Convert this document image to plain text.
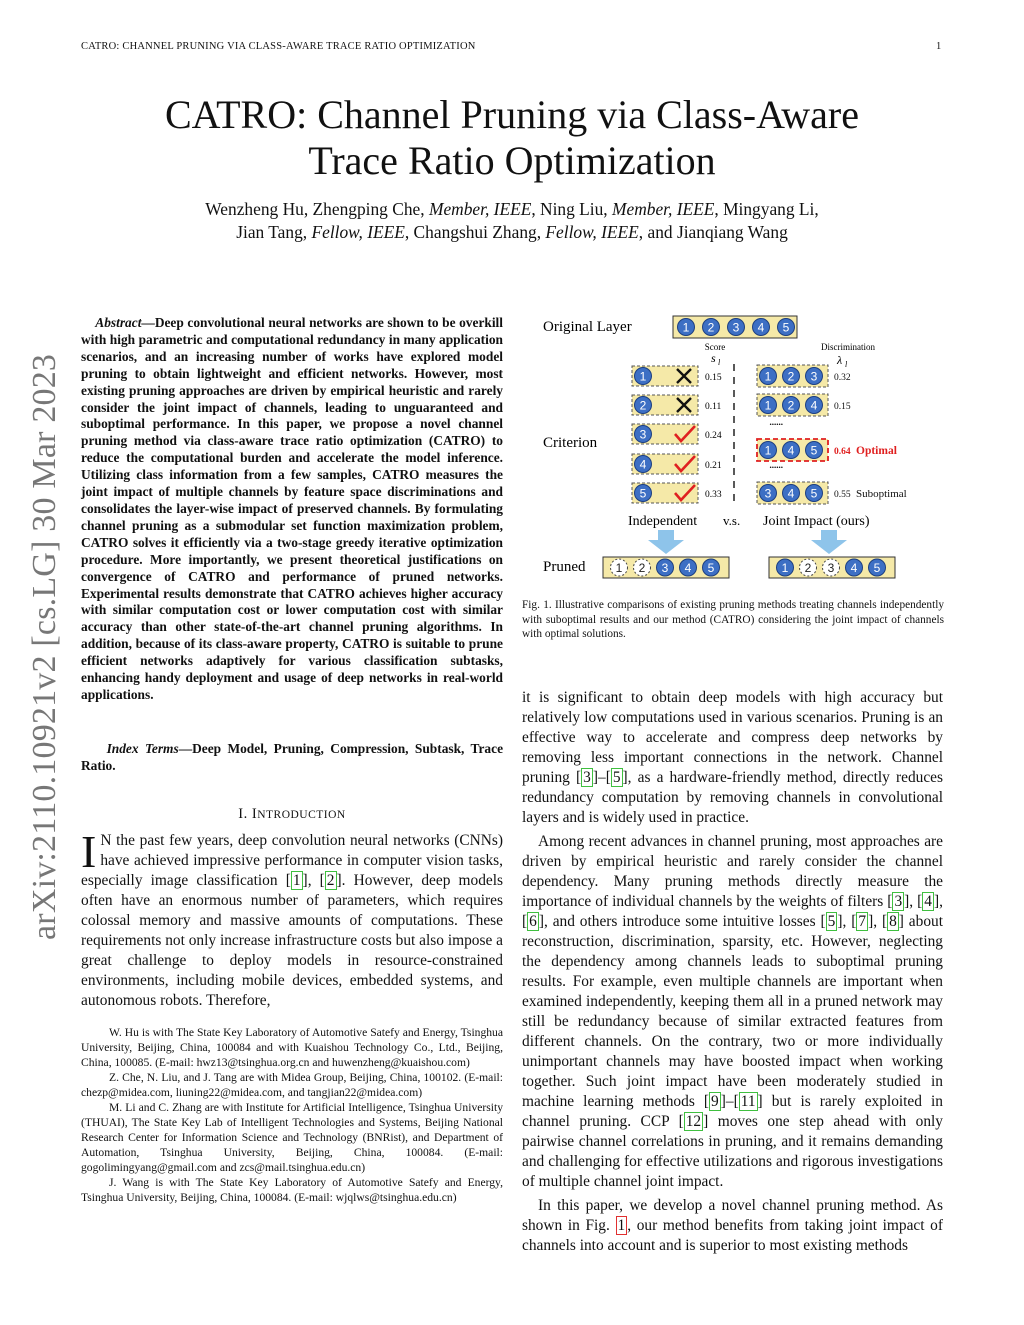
CATRO: CHANNEL PRUNING VIA CLASS-AWARE TRACE RATIO OPTIMIZATION	1
arXiv:2110.10921v2 [cs.LG] 30 Mar 2023
CATRO: Channel Pruning via Class-Aware
Trace Ratio Optimization
Wenzheng Hu, Zhengping Che, Member, IEEE, Ning Liu, Member, IEEE, Mingyang Li,
Jian Tang, Fellow, IEEE, Changshui Zhang, Fellow, IEEE, and Jianqiang Wang
Abstract—Deep convolutional neural networks are shown to be overkill with high parametric and computational redundancy in many application scenarios, and an increasing number of works have explored model pruning to obtain lightweight and efficient networks. However, most existing pruning approaches are driven by empirical heuristic and rarely consider the joint impact of channels, leading to unguaranteed and suboptimal performance. In this paper, we propose a novel channel pruning method via class-aware trace ratio optimization (CATRO) to reduce the computational burden and accelerate the model inference. Utilizing class information from a few samples, CATRO measures the joint impact of multiple channels by feature space discriminations and consolidates the layer-wise impact of preserved channels. By formulating channel pruning as a submodular set function maximization problem, CATRO solves it efficiently via a two-stage greedy iterative optimization procedure. More importantly, we present theoretical justifications on convergence of CATRO and performance of pruned networks. Experimental results demonstrate that CATRO achieves higher accuracy with similar computation cost or lower computation cost with similar accuracy than other state-of-the-art channel pruning algorithms. In addition, because of its class-aware property, CATRO is suitable to prune efficient networks adaptively for various classification subtasks, enhancing handy deployment and usage of deep networks in real-world applications.
Index Terms—Deep Model, Pruning, Compression, Subtask, Trace Ratio.
I. INTRODUCTION
I N the past few years, deep convolution neural networks (CNNs) have achieved impressive performance in computer vision tasks, especially image classification [ 1 ], [ 2 ]. However, deep models often have an enormous number of parameters, which requires colossal memory and massive amounts of computations. These requirements not only increase infrastructure costs but also impose a great challenge to deploy models in resource-constrained environments, including mobile devices, embedded systems, and autonomous robots. Therefore,

W. Hu is with The State Key Laboratory of Automotive Satefy and Energy, Tsinghua University, Beijing, China, 100084 and with Kuaishou Technology Co., Ltd., Beijing, China, 100085. (E-mail: hwz13@tsinghua.org.cn and huwenzheng@kuaishou.com)

Z. Che, N. Liu, and J. Tang are with Midea Group, Beijing, China, 100102. (E-mail: chezp@midea.com, liuning22@midea.com, and tangjian22@midea.com)

M. Li and C. Zhang are with Institute for Artificial Intelligence, Tsinghua University (THUAI), The State Key Lab of Intelligent Technologies and Systems, Beijing National Research Center for Information Science and Technology (BNRist), and Department of Automation, Tsinghua University, Beijing, China, 100084. (E-mail: gogolimingyang@gmail.com and zcs@mail.tsinghua.edu.cn)

J. Wang is with The State Key Laboratory of Automotive Satefy and Energy, Tsinghua University, Beijing, China, 100084. (E-mail: wjqlws@tsinghua.edu.cn)

Original Layer
Criterion
Pruned
1 2 3 4 5
Score
s l
Discrimination
λ l
1	0.15
2	0.11
3	0.24
4	0.21
5	0.33
1 2 3 0.32
1 2 4 0.15
1 4 5 0.64 Optimal
3 4 5 0.55 Suboptimal
......
......
Independent v.s. Joint Impact (ours)
1 2 3 4 5	1 2 3 4 5
Fig. 1. Illustrative comparisons of existing pruning methods treating channels independently with suboptimal results and our method (CATRO) considering the joint impact of channels with optimal solutions.

it is significant to obtain deep models with high accuracy but relatively low computations used in various scenarios. Pruning is an effective way to accelerate and compress deep networks by removing less important connections in the network. Channel pruning [ 3 ]–[ 5 ], as a hardware-friendly method, directly reduces redundancy computation by removing channels in convolutional layers and is widely used in practice.

Among recent advances in channel pruning, most approaches are driven by empirical heuristic and rarely consider the channel dependency. Many pruning methods directly measure the importance of individual channels by the weights of filters [ 3 ], [ 4 ], [ 6 ], and others introduce some intuitive losses [ 5 ], [ 7 ], [ 8 ] about reconstruction, discrimination, sparsity, etc. However, neglecting the dependency among channels leads to suboptimal pruning results. For example, even multiple channels are important when examined independently, keeping them all in a pruned network may still be redundancy because of similar extracted features from different channels. On the contrary, two or more individually unimportant channels may have boosted impact when working together. Such joint impact have been moderately studied in machine learning methods [ 9 ]–[ 11 ] but is rarely exploited in channel pruning. CCP [ 12 ] moves one step ahead with only pairwise channel correlations in pruning, and it remains demanding and challenging for effective utilizations and rigorous investigations of multiple channel joint impact.

In this paper, we develop a novel channel pruning method. As shown in Fig. 1 , our method benefits from taking joint impact of channels into account and is superior to most existing methods
